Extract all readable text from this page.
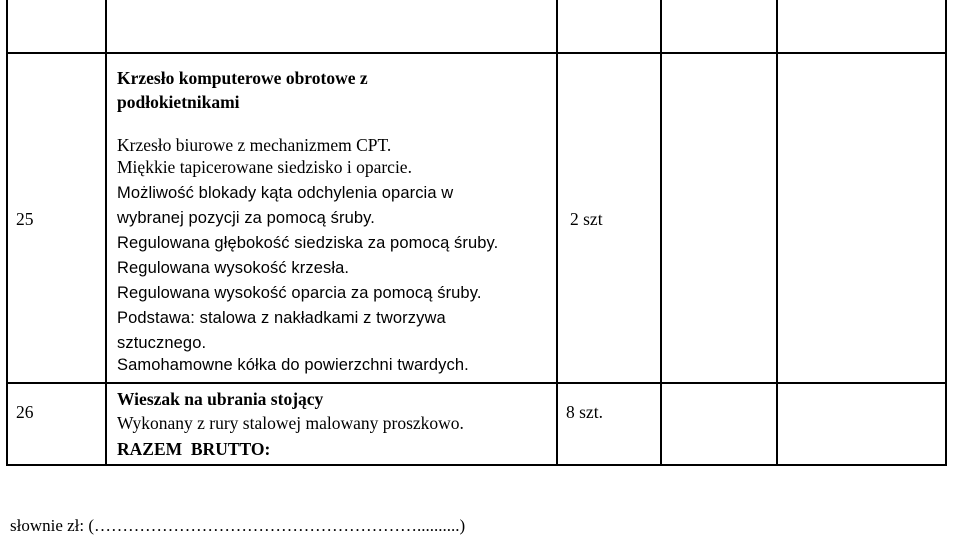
25
Krzesło komputerowe obrotowe z
podłokietnikami
Krzesło biurowe z mechanizmem CPT.
Miękkie tapicerowane siedzisko i oparcie.
Możliwość blokady kąta odchylenia oparcia w
wybranej pozycji za pomocą śruby.
Regulowana głębokość siedziska za pomocą śruby.
Regulowana wysokość krzesła.
Regulowana wysokość oparcia za pomocą śruby.
Podstawa: stalowa z nakładkami z tworzywa
sztucznego.
Samohamowne kółka do powierzchni twardych.
2 szt
26
Wieszak na ubrania stojący
Wykonany z rury stalowej malowany proszkowo.
RAZEM  BRUTTO:
8 szt.
słownie zł: (…………………………………………………..........)
